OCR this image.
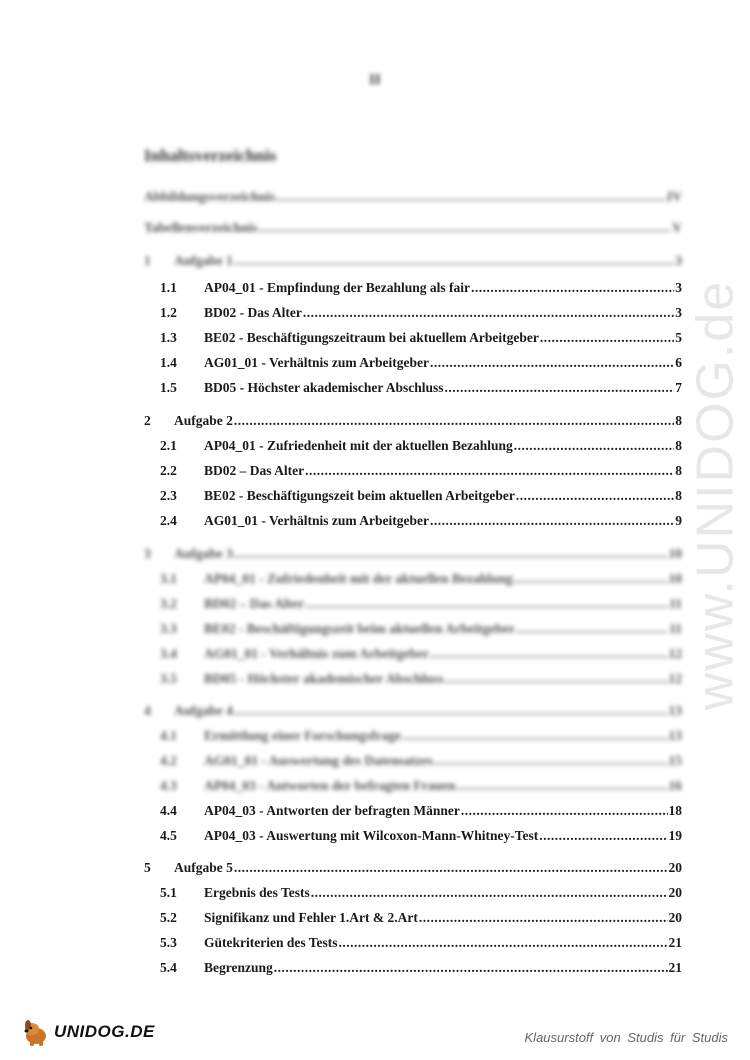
II
Inhaltsverzeichnis
Abbildungsverzeichnis .....	IV
Tabellenverzeichnis .....	V
1	Aufgabe 1 .....	3
1.1	AP04_01 - Empfindung der Bezahlung als fair .....	3
1.2	BD02 - Das Alter .....	3
1.3	BE02 - Beschäftigungszeitraum bei aktuellem Arbeitgeber .....	5
1.4	AG01_01 - Verhältnis zum Arbeitgeber .....	6
1.5	BD05 - Höchster akademischer Abschluss .....	7
2	Aufgabe 2 .....	8
2.1	AP04_01 - Zufriedenheit mit der aktuellen Bezahlung .....	8
2.2	BD02 – Das Alter .....	8
2.3	BE02 - Beschäftigungszeit beim aktuellen Arbeitgeber .....	8
2.4	AG01_01 - Verhältnis zum Arbeitgeber .....	9
3	Aufgabe 3 .....	10
3.1	AP04_01 - Zufriedenheit mit der aktuellen Bezahlung .....	10
3.2	BD02 – Das Alter .....	11
3.3	BE02 - Beschäftigungszeit beim aktuellen Arbeitgeber .....	11
3.4	AG01_01 - Verhältnis zum Arbeitgeber .....	12
3.5	BD05 - Höchster akademischer Abschluss .....	12
4	Aufgabe 4 .....	13
4.1	Ermittlung einer Forschungsfrage .....	13
4.2	AG01_01 - Auswertung des Datensatzes .....	15
4.3	AP04_03 - Antworten der befragten Frauen .....	16
4.4	AP04_03 - Antworten der befragten Männer .....	18
4.5	AP04_03 - Auswertung mit Wilcoxon-Mann-Whitney-Test .....	19
5	Aufgabe 5 .....	20
5.1	Ergebnis des Tests .....	20
5.2	Signifikanz und Fehler 1.Art & 2.Art .....	20
5.3	Gütekriterien des Tests .....	21
5.4	Begrenzung .....	21
www.UNIDOG.de
UNIDOG.DE	Klausurstoff von Studis für Studis
